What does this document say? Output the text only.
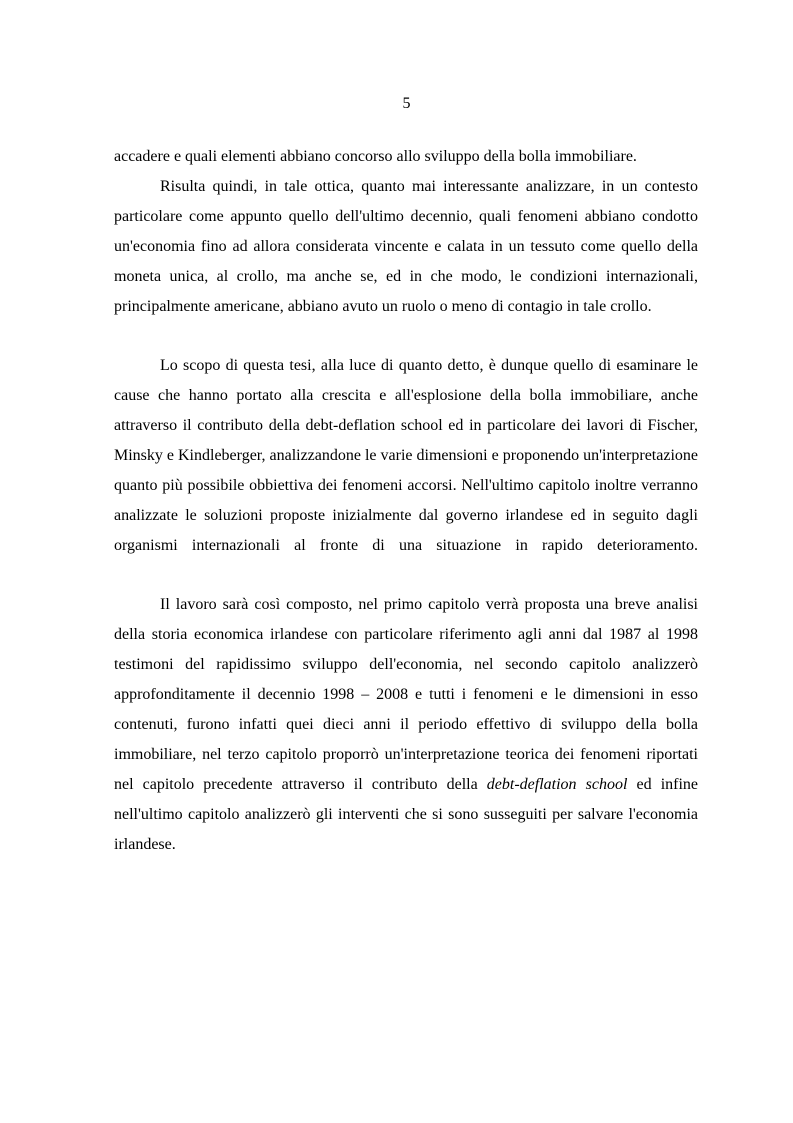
5

accadere e quali elementi abbiano concorso allo sviluppo della bolla immobiliare.

Risulta quindi, in tale ottica, quanto mai interessante analizzare, in un contesto particolare come appunto quello dell'ultimo decennio, quali fenomeni abbiano condotto un'economia fino ad allora considerata vincente e calata in un tessuto come quello della moneta unica, al crollo, ma anche se, ed in che modo, le condizioni internazionali, principalmente americane, abbiano avuto un ruolo o meno di contagio in tale crollo.

Lo scopo di questa tesi, alla luce di quanto detto, è dunque quello di esaminare le cause che hanno portato alla crescita e all'esplosione della bolla immobiliare, anche attraverso il contributo della debt-deflation school ed in particolare dei lavori di Fischer, Minsky e Kindleberger, analizzandone le varie dimensioni e proponendo un'interpretazione quanto più possibile obbiettiva dei fenomeni accorsi. Nell'ultimo capitolo inoltre verranno analizzate le soluzioni proposte inizialmente dal governo irlandese ed in seguito dagli organismi internazionali al fronte di una situazione in rapido deterioramento.

Il lavoro sarà così composto, nel primo capitolo verrà proposta una breve analisi della storia economica irlandese con particolare riferimento agli anni dal 1987 al 1998 testimoni del rapidissimo sviluppo dell'economia, nel secondo capitolo analizzerò approfonditamente il decennio 1998 – 2008 e tutti i fenomeni e le dimensioni in esso contenuti, furono infatti quei dieci anni il periodo effettivo di sviluppo della bolla immobiliare, nel terzo capitolo proporrò un'interpretazione teorica dei fenomeni riportati nel capitolo precedente attraverso il contributo della debt-deflation school ed infine nell'ultimo capitolo analizzerò gli interventi che si sono susseguiti per salvare l'economia irlandese.
